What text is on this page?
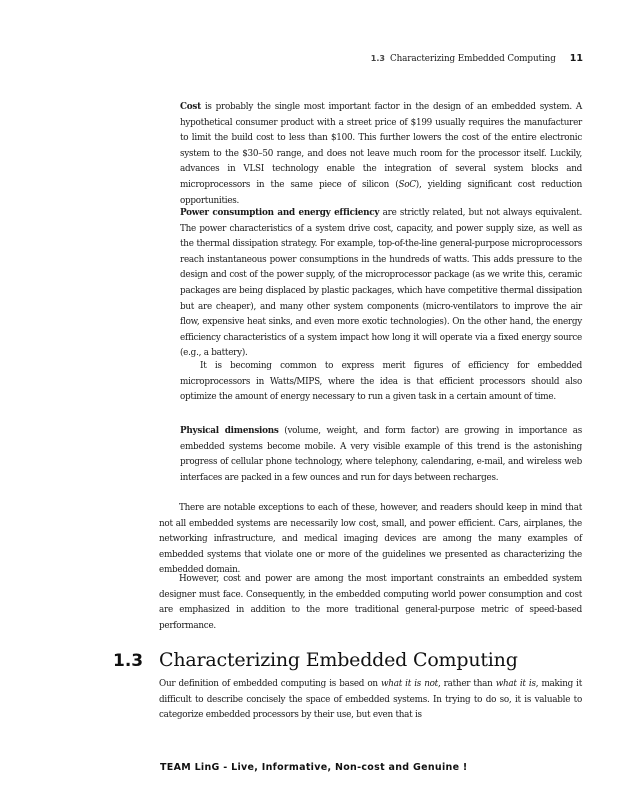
1.3 Characterizing Embedded Computing 11

Cost is probably the single most important factor in the design of an embedded system. A hypothetical consumer product with a street price of $199 usually requires the manufacturer to limit the build cost to less than $100. This further lowers the cost of the entire electronic system to the $30–50 range, and does not leave much room for the processor itself. Luckily, advances in VLSI technology enable the integration of several system blocks and microprocessors in the same piece of silicon (SoC), yielding significant cost reduction opportunities.

Power consumption and energy efficiency are strictly related, but not always equivalent. The power characteristics of a system drive cost, capacity, and power supply size, as well as the thermal dissipation strategy. For example, top-of-the-line general-purpose microprocessors reach instantaneous power consumptions in the hundreds of watts. This adds pressure to the design and cost of the power supply, of the microprocessor package (as we write this, ceramic packages are being displaced by plastic packages, which have competitive thermal dissipation but are cheaper), and many other system components (micro-ventilators to improve the air flow, expensive heat sinks, and even more exotic technologies). On the other hand, the energy efficiency characteristics of a system impact how long it will operate via a fixed energy source (e.g., a battery).

It is becoming common to express merit figures of efficiency for embedded microprocessors in Watts/MIPS, where the idea is that efficient processors should also optimize the amount of energy necessary to run a given task in a certain amount of time.

Physical dimensions (volume, weight, and form factor) are growing in importance as embedded systems become mobile. A very visible example of this trend is the astonishing progress of cellular phone technology, where telephony, calendaring, e-mail, and wireless web interfaces are packed in a few ounces and run for days between recharges.

There are notable exceptions to each of these, however, and readers should keep in mind that not all embedded systems are necessarily low cost, small, and power efficient. Cars, airplanes, the networking infrastructure, and medical imaging devices are among the many examples of embedded systems that violate one or more of the guidelines we presented as characterizing the embedded domain.

However, cost and power are among the most important constraints an embedded system designer must face. Consequently, in the embedded computing world power consumption and cost are emphasized in addition to the more traditional general-purpose metric of speed-based performance.

1.3 Characterizing Embedded Computing

Our definition of embedded computing is based on what it is not, rather than what it is, making it difficult to describe concisely the space of embedded systems. In trying to do so, it is valuable to categorize embedded processors by their use, but even that is

TEAM LinG - Live, Informative, Non-cost and Genuine !
